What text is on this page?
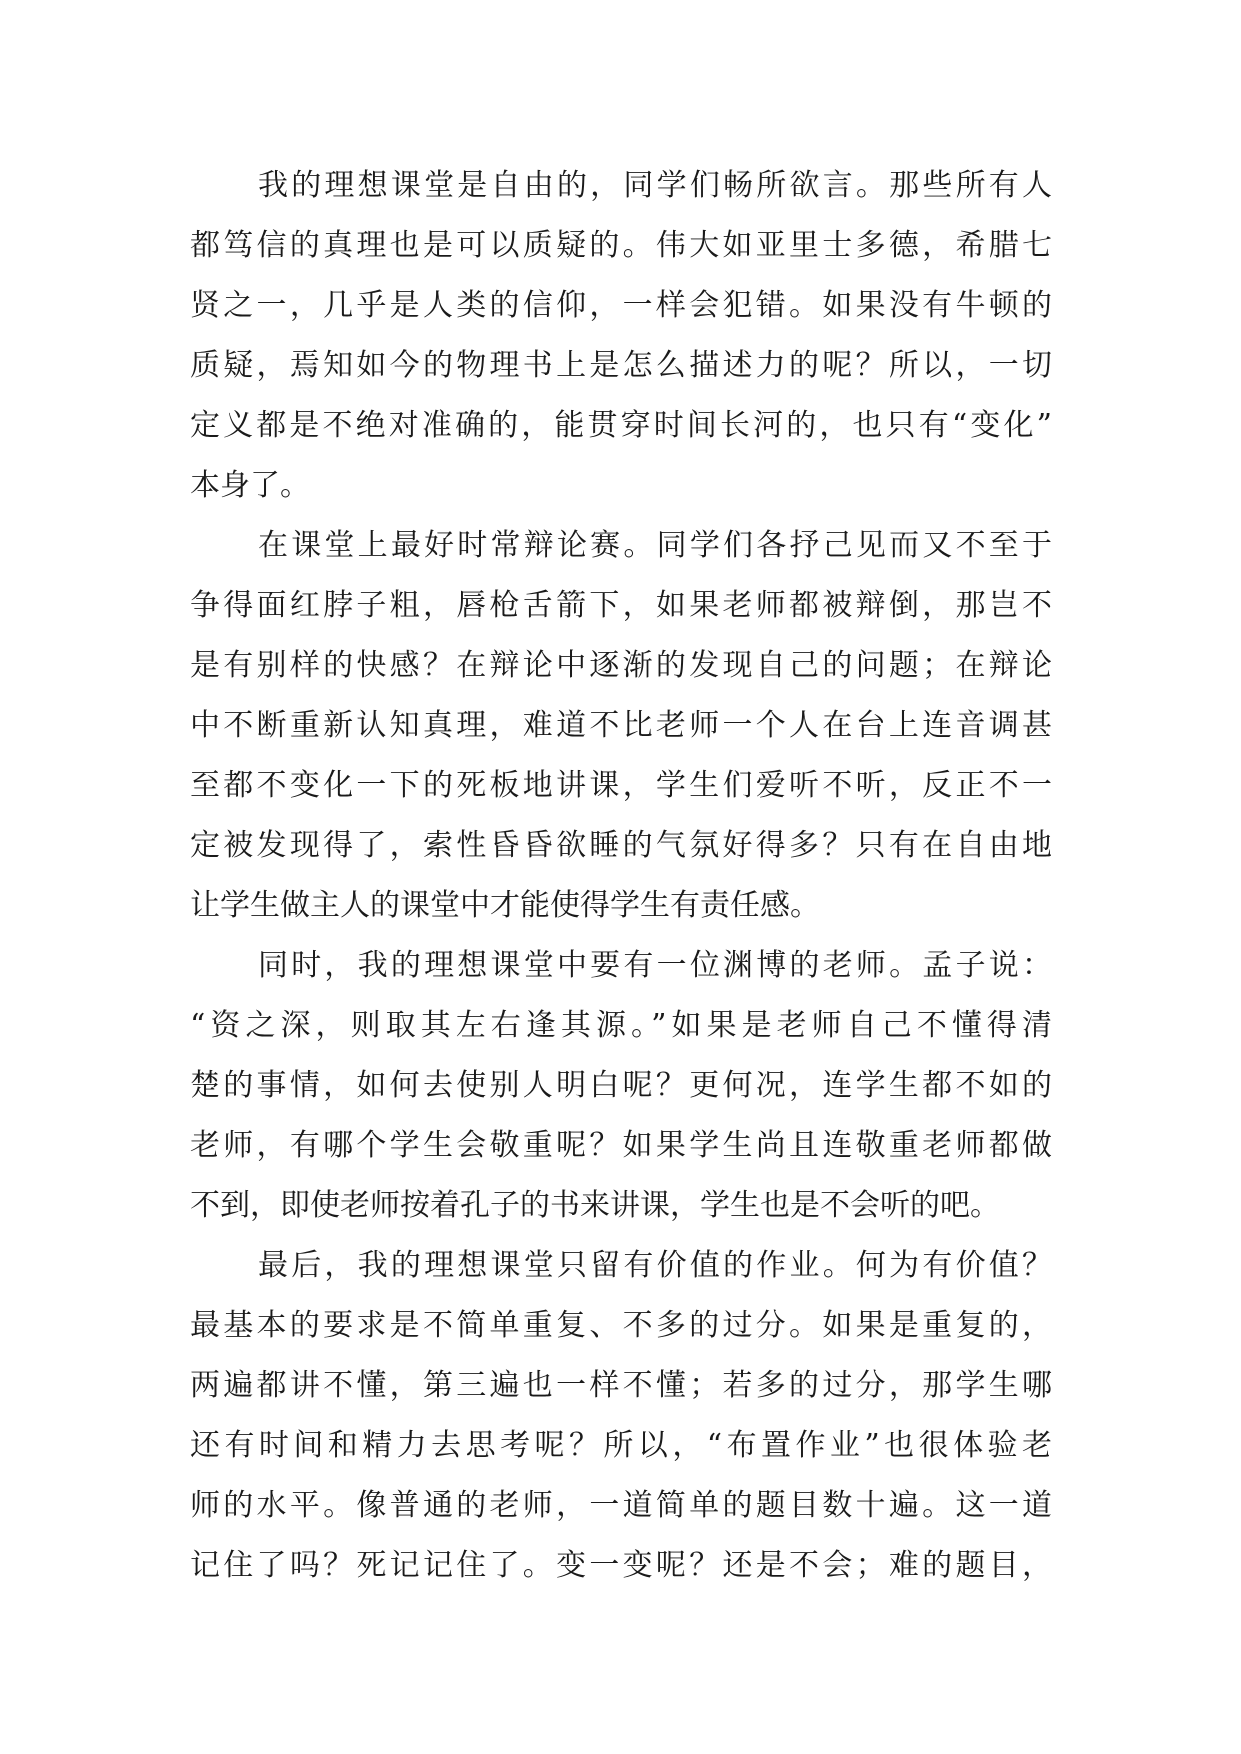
我的理想课堂是自由的，同学们畅所欲言。那些所有人
都笃信的真理也是可以质疑的。伟大如亚里士多德，希腊七
贤之一，几乎是人类的信仰，一样会犯错。如果没有牛顿的
质疑，焉知如今的物理书上是怎么描述力的呢？所以，一切
定义都是不绝对准确的，能贯穿时间长河的，也只有“变化”
本身了。
在课堂上最好时常辩论赛。同学们各抒己见而又不至于
争得面红脖子粗，唇枪舌箭下，如果老师都被辩倒，那岂不
是有别样的快感？在辩论中逐渐的发现自己的问题；在辩论
中不断重新认知真理，难道不比老师一个人在台上连音调甚
至都不变化一下的死板地讲课，学生们爱听不听，反正不一
定被发现得了，索性昏昏欲睡的气氛好得多？只有在自由地
让学生做主人的课堂中才能使得学生有责任感。
同时，我的理想课堂中要有一位渊博的老师。孟子说：
“资之深，则取其左右逢其源。”如果是老师自己不懂得清
楚的事情，如何去使别人明白呢？更何况，连学生都不如的
老师，有哪个学生会敬重呢？如果学生尚且连敬重老师都做
不到，即使老师按着孔子的书来讲课，学生也是不会听的吧。
最后，我的理想课堂只留有价值的作业。何为有价值？
最基本的要求是不简单重复、不多的过分。如果是重复的，
两遍都讲不懂，第三遍也一样不懂；若多的过分，那学生哪
还有时间和精力去思考呢？所以，“布置作业”也很体验老
师的水平。像普通的老师，一道简单的题目数十遍。这一道
记住了吗？死记记住了。变一变呢？还是不会；难的题目，
